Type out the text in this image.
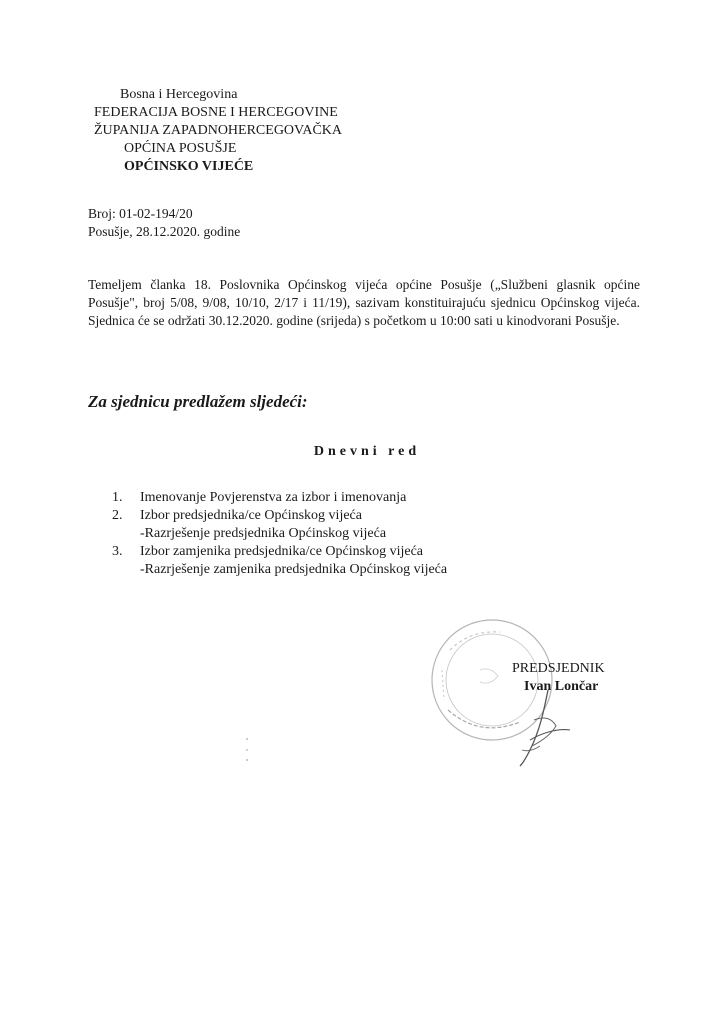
Bosna i Hercegovina
FEDERACIJA BOSNE I HERCEGOVINE
ŽUPANIJA ZAPADNOHERCEGOVAČKA
OPĆINA POSUŠJE
OPĆINSKO VIJEĆE
Broj: 01-02-194/20
Posušje, 28.12.2020. godine
Temeljem članka 18. Poslovnika Općinskog vijeća općine Posušje („Službeni glasnik općine Posušje", broj 5/08, 9/08, 10/10, 2/17 i 11/19), sazivam konstituirajuću sjednicu Općinskog vijeća. Sjednica će se održati 30.12.2020. godine (srijeda) s početkom u 10:00 sati u kinodvorani Posušje.
Za sjednicu predlažem sljedeći:
Dnevni red
1.	Imenovanje Povjerenstva za izbor i imenovanja
2.	Izbor predsjednika/ce Općinskog vijeća
-Razrješenje predsjednika Općinskog vijeća
3.	Izbor zamjenika predsjednika/ce Općinskog vijeća
-Razrješenje zamjenika predsjednika Općinskog vijeća
PREDSJEDNIK
Ivan Lončar
